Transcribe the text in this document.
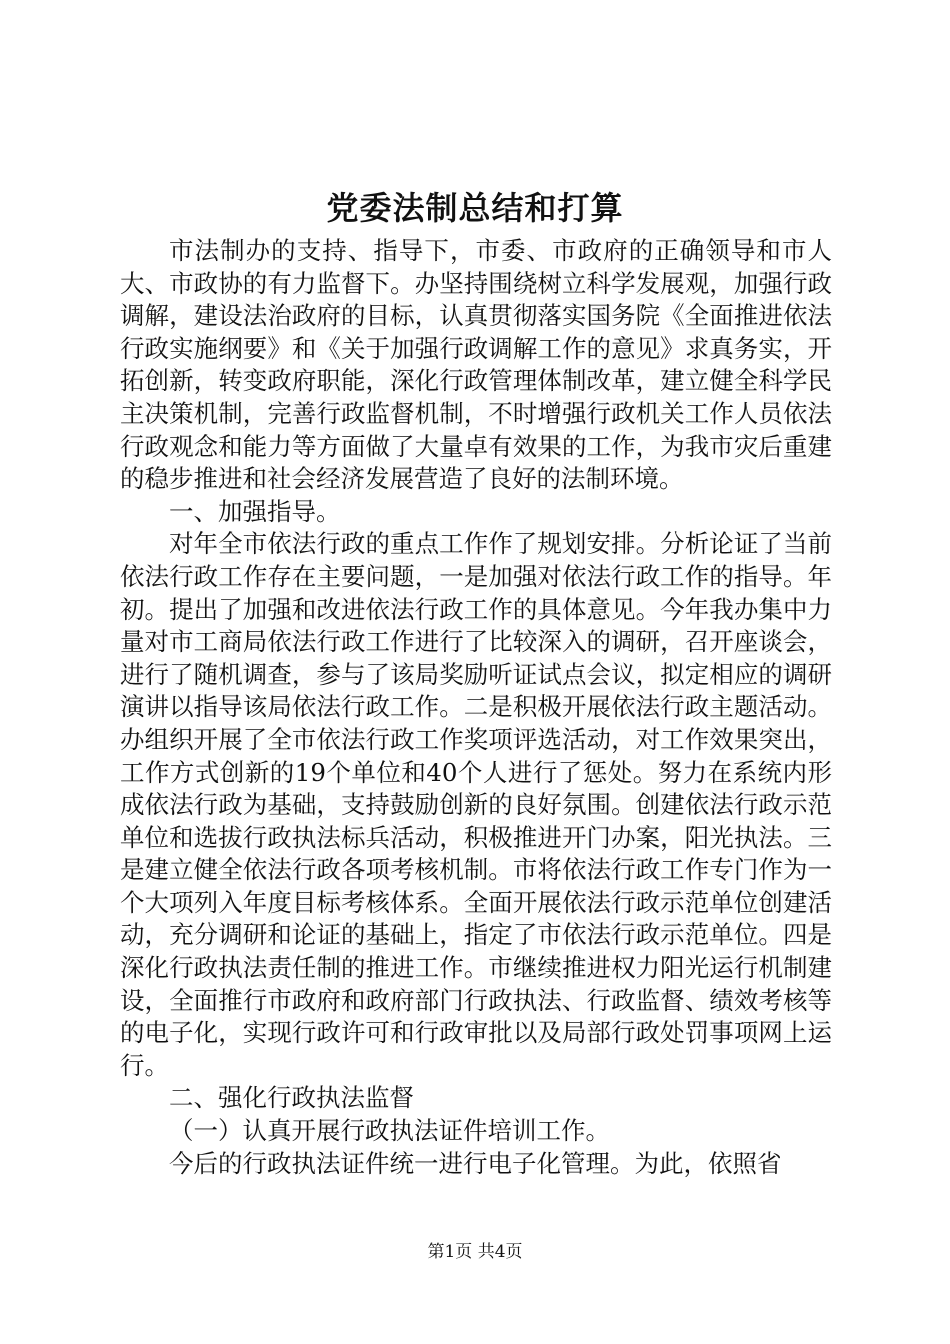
党委法制总结和打算

市法制办的支持、指导下，市委、市政府的正确领导和市人大、市政协的有力监督下。办坚持围绕树立科学发展观，加强行政调解，建设法治政府的目标，认真贯彻落实国务院《全面推进依法行政实施纲要》和《关于加强行政调解工作的意见》求真务实，开拓创新，转变政府职能，深化行政管理体制改革，建立健全科学民主决策机制，完善行政监督机制，不时增强行政机关工作人员依法行政观念和能力等方面做了大量卓有效果的工作，为我市灾后重建的稳步推进和社会经济发展营造了良好的法制环境。

一、加强指导。

对年全市依法行政的重点工作作了规划安排。分析论证了当前依法行政工作存在主要问题，一是加强对依法行政工作的指导。年初。提出了加强和改进依法行政工作的具体意见。今年我办集中力量对市工商局依法行政工作进行了比较深入的调研，召开座谈会，进行了随机调查，参与了该局奖励听证试点会议，拟定相应的调研演讲以指导该局依法行政工作。二是积极开展依法行政主题活动。办组织开展了全市依法行政工作奖项评选活动，对工作效果突出，工作方式创新的19个单位和40个人进行了惩处。努力在系统内形成依法行政为基础，支持鼓励创新的良好氛围。创建依法行政示范单位和选拔行政执法标兵活动，积极推进开门办案，阳光执法。三是建立健全依法行政各项考核机制。市将依法行政工作专门作为一个大项列入年度目标考核体系。全面开展依法行政示范单位创建活动，充分调研和论证的基础上，指定了市依法行政示范单位。四是深化行政执法责任制的推进工作。市继续推进权力阳光运行机制建设，全面推行市政府和政府部门行政执法、行政监督、绩效考核等的电子化，实现行政许可和行政审批以及局部行政处罚事项网上运行。

二、强化行政执法监督

（一）认真开展行政执法证件培训工作。

今后的行政执法证件统一进行电子化管理。为此，依照省

第1页 共4页
